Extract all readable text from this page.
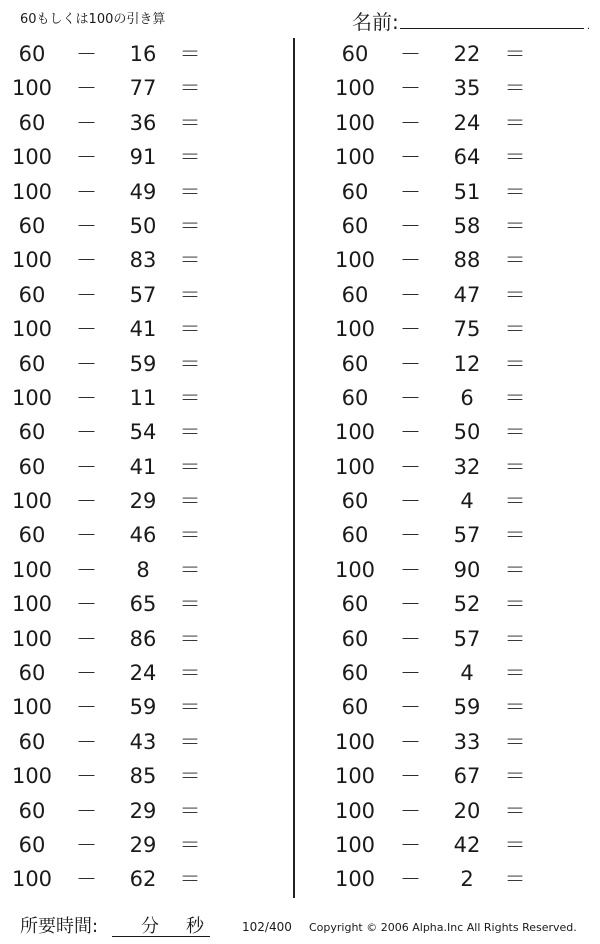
60もしくは100の引き算	名前:	.
60	－	16	＝
100	－	77	＝
60	－	36	＝
100	－	91	＝
100	－	49	＝
60	－	50	＝
100	－	83	＝
60	－	57	＝
100	－	41	＝
60	－	59	＝
100	－	11	＝
60	－	54	＝
60	－	41	＝
100	－	29	＝
60	－	46	＝
100	－	8	＝
100	－	65	＝
100	－	86	＝
60	－	24	＝
100	－	59	＝
60	－	43	＝
100	－	85	＝
60	－	29	＝
60	－	29	＝
100	－	62	＝
60	－	22	＝
100	－	35	＝
100	－	24	＝
100	－	64	＝
60	－	51	＝
60	－	58	＝
100	－	88	＝
60	－	47	＝
100	－	75	＝
60	－	12	＝
60	－	6	＝
100	－	50	＝
100	－	32	＝
60	－	4	＝
60	－	57	＝
100	－	90	＝
60	－	52	＝
60	－	57	＝
60	－	4	＝
60	－	59	＝
100	－	33	＝
100	－	67	＝
100	－	20	＝
100	－	42	＝
100	－	2	＝
所要時間: 分 秒	102/400 Copyright © 2006 Alpha.Inc All Rights Reserved.
